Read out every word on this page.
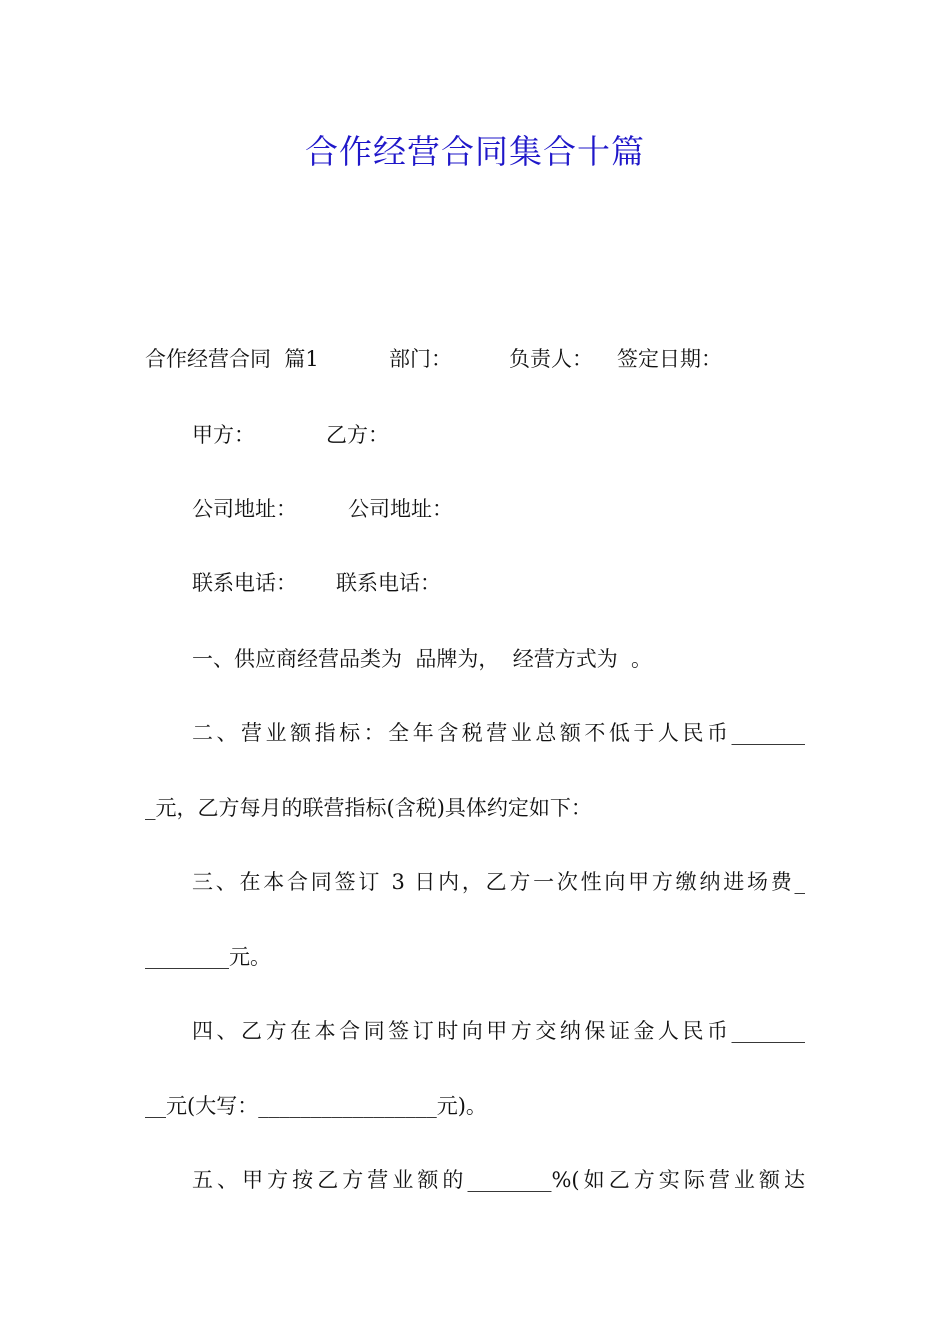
合作经营合同集合十篇
合作经营合同  篇1	部门：	负责人： 签定日期：
甲方：	乙方：
公司地址： 公司地址：
联系电话： 联系电话：
一、供应商经营品类为  品牌为，  经营方式为  。
二、营业额指标：全年含税营业总额不低于人民币_______
_元，乙方每月的联营指标(含税)具体约定如下：
三、在本合同签订 3 日内，乙方一次性向甲方缴纳进场费_
________元。
四、乙方在本合同签订时向甲方交纳保证金人民币_______
__元(大写：_________________元)。
五、甲方按乙方营业额的________%(如乙方实际营业额达
